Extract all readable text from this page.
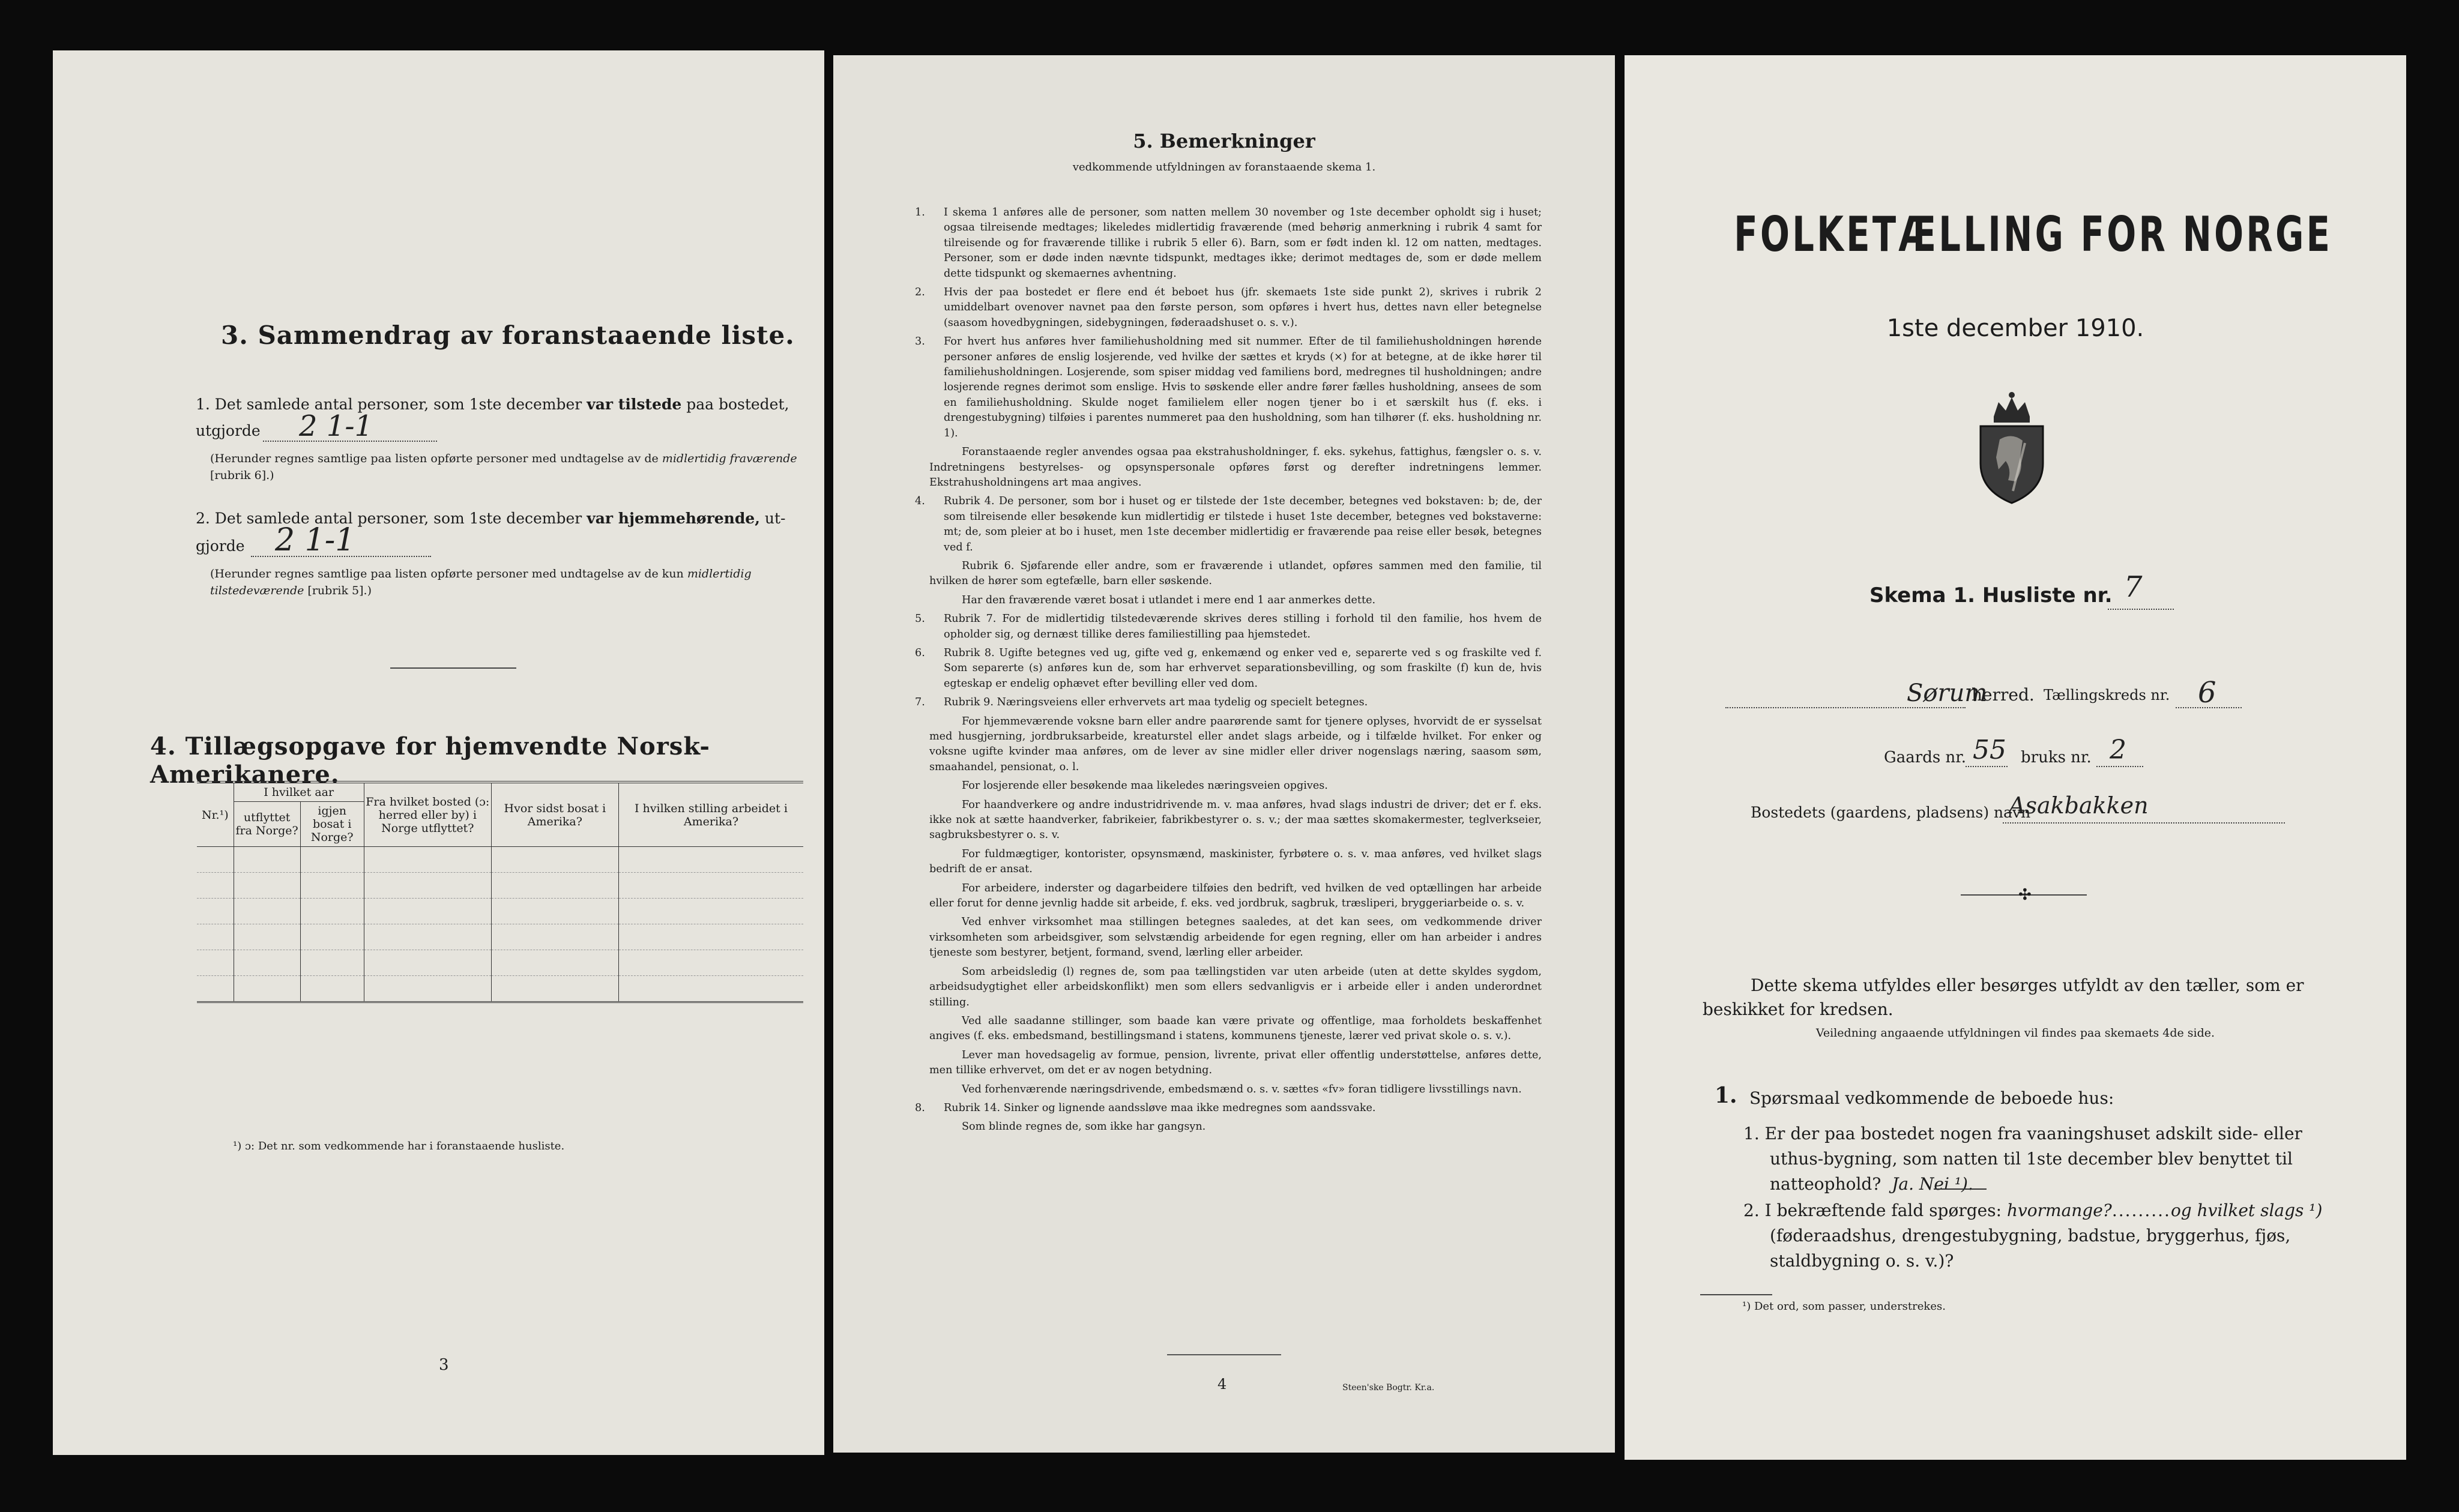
3. Sammendrag av foranstaaende liste.
1. Det samlede antal personer, som 1ste december var tilstede paa bostedet,
utgjorde 2 1-1
(Herunder regnes samtlige paa listen opførte personer med undtagelse av de midlertidig fraværende [rubrik 6].)
2. Det samlede antal personer, som 1ste december var hjemmehørende, ut-
gjorde 2 1-1
(Herunder regnes samtlige paa listen opførte personer med undtagelse av de kun midlertidig tilstedeværende [rubrik 5].)
4. Tillægsopgave for hjemvendte Norsk-Amerikanere.
Nr.¹)	I hvilket aar		Fra hvilket bosted (ɔ: herred eller by) i Norge utflyttet?	Hvor sidst bosat i Amerika?	I hvilken stilling arbeidet i Amerika?
	utflyttet fra Norge?	igjen bosat i Norge?			

¹) ɔ: Det nr. som vedkommende har i foranstaaende husliste.
3
5. Bemerkninger
vedkommende utfyldningen av foranstaaende skema 1.

1. I skema 1 anføres alle de personer, som natten mellem 30 november og 1ste december opholdt sig i huset; ogsaa tilreisende medtages; likeledes midlertidig fraværende (med behørig anmerkning i rubrik 4 samt for tilreisende og for fraværende tillike i rubrik 5 eller 6). Barn, som er født inden kl. 12 om natten, medtages. Personer, som er døde inden nævnte tidspunkt, medtages ikke; derimot medtages de, som er døde mellem dette tidspunkt og skemaernes avhentning.

2. Hvis der paa bostedet er flere end ét beboet hus (jfr. skemaets 1ste side punkt 2), skrives i rubrik 2 umiddelbart ovenover navnet paa den første person, som opføres i hvert hus, dettes navn eller betegnelse (saasom hovedbygningen, sidebygningen, føderaadshuset o. s. v.).

3. For hvert hus anføres hver familiehusholdning med sit nummer. Efter de til familiehusholdningen hørende personer anføres de enslig losjerende, ved hvilke der sættes et kryds (×) for at betegne, at de ikke hører til familiehusholdningen. Losjerende, som spiser middag ved familiens bord, medregnes til husholdningen; andre losjerende regnes derimot som enslige. Hvis to søskende eller andre fører fælles husholdning, ansees de som en familiehusholdning. Skulde noget familielem eller nogen tjener bo i et særskilt hus (f. eks. i drengestubygning) tilføies i parentes nummeret paa den husholdning, som han tilhører (f. eks. husholdning nr. 1).

Foranstaaende regler anvendes ogsaa paa ekstrahusholdninger, f. eks. sykehus, fattighus, fængsler o. s. v. Indretningens bestyrelses- og opsynspersonale opføres først og derefter indretningens lemmer. Ekstrahusholdningens art maa angives.

4. Rubrik 4. De personer, som bor i huset og er tilstede der 1ste december, betegnes ved bokstaven: b; de, der som tilreisende eller besøkende kun midlertidig er tilstede i huset 1ste december, betegnes ved bokstaverne: mt; de, som pleier at bo i huset, men 1ste december midlertidig er fraværende paa reise eller besøk, betegnes ved f.

Rubrik 6. Sjøfarende eller andre, som er fraværende i utlandet, opføres sammen med den familie, til hvilken de hører som egtefælle, barn eller søskende.

Har den fraværende været bosat i utlandet i mere end 1 aar anmerkes dette.

5. Rubrik 7. For de midlertidig tilstedeværende skrives deres stilling i forhold til den familie, hos hvem de opholder sig, og dernæst tillike deres familiestilling paa hjemstedet.

6. Rubrik 8. Ugifte betegnes ved ug, gifte ved g, enkemænd og enker ved e, separerte ved s og fraskilte ved f. Som separerte (s) anføres kun de, som har erhvervet separationsbevilling, og som fraskilte (f) kun de, hvis egteskap er endelig ophævet efter bevilling eller ved dom.

7. Rubrik 9. Næringsveiens eller erhvervets art maa tydelig og specielt betegnes.

For hjemmeværende voksne barn eller andre paarørende samt for tjenere oplyses, hvorvidt de er sysselsat med husgjerning, jordbruksarbeide, kreaturstel eller andet slags arbeide, og i tilfælde hvilket. For enker og voksne ugifte kvinder maa anføres, om de lever av sine midler eller driver nogenslags næring, saasom søm, smaahandel, pensionat, o. l.

For losjerende eller besøkende maa likeledes næringsveien opgives.

For haandverkere og andre industridrivende m. v. maa anføres, hvad slags industri de driver; det er f. eks. ikke nok at sætte haandverker, fabrikeier, fabrikbestyrer o. s. v.; der maa sættes skomakermester, teglverkseier, sagbruksbestyrer o. s. v.

For fuldmægtiger, kontorister, opsynsmænd, maskinister, fyrbøtere o. s. v. maa anføres, ved hvilket slags bedrift de er ansat.

For arbeidere, inderster og dagarbeidere tilføies den bedrift, ved hvilken de ved optællingen har arbeide eller forut for denne jevnlig hadde sit arbeide, f. eks. ved jordbruk, sagbruk, træsliperi, bryggeriarbeide o. s. v.

Ved enhver virksomhet maa stillingen betegnes saaledes, at det kan sees, om vedkommende driver virksomheten som arbeidsgiver, som selvstændig arbeidende for egen regning, eller om han arbeider i andres tjeneste som bestyrer, betjent, formand, svend, lærling eller arbeider.

Som arbeidsledig (l) regnes de, som paa tællingstiden var uten arbeide (uten at dette skyldes sygdom, arbeidsudygtighet eller arbeidskonflikt) men som ellers sedvanligvis er i arbeide eller i anden underordnet stilling.

Ved alle saadanne stillinger, som baade kan være private og offentlige, maa forholdets beskaffenhet angives (f. eks. embedsmand, bestillingsmand i statens, kommunens tjeneste, lærer ved privat skole o. s. v.).

Lever man hovedsagelig av formue, pension, livrente, privat eller offentlig understøttelse, anføres dette, men tillike erhvervet, om det er av nogen betydning.

Ved forhenværende næringsdrivende, embedsmænd o. s. v. sættes «fv» foran tidligere livsstillings navn.

8. Rubrik 14. Sinker og lignende aandssløve maa ikke medregnes som aandssvake.

Som blinde regnes de, som ikke har gangsyn.

4	Steen'ske Bogtr. Kr.a.
FOLKETÆLLING FOR NORGE
1ste december 1910.
Skema 1. Husliste nr. 7
Sørum
herred. Tællingskreds nr. 6
Gaards nr. 55 bruks nr. 2
Bostedets (gaardens, pladsens) navn
Asakbakken
✣
Dette skema utfyldes eller besørges utfyldt av den tæller, som er beskikket for kredsen.
Veiledning angaaende utfyldningen vil findes paa skemaets 4de side.
1. Spørsmaal vedkommende de beboede hus:
1. Er der paa bostedet nogen fra vaaningshuset adskilt side- eller uthus-bygning, som natten til 1ste december blev benyttet til natteophold? Ja. Nei ¹).
2. I bekræftende fald spørges: hvormange?.........og hvilket slags ¹) (føderaadshus, drengestubygning, badstue, bryggerhus, fjøs, staldbygning o. s. v.)?
¹) Det ord, som passer, understrekes.
